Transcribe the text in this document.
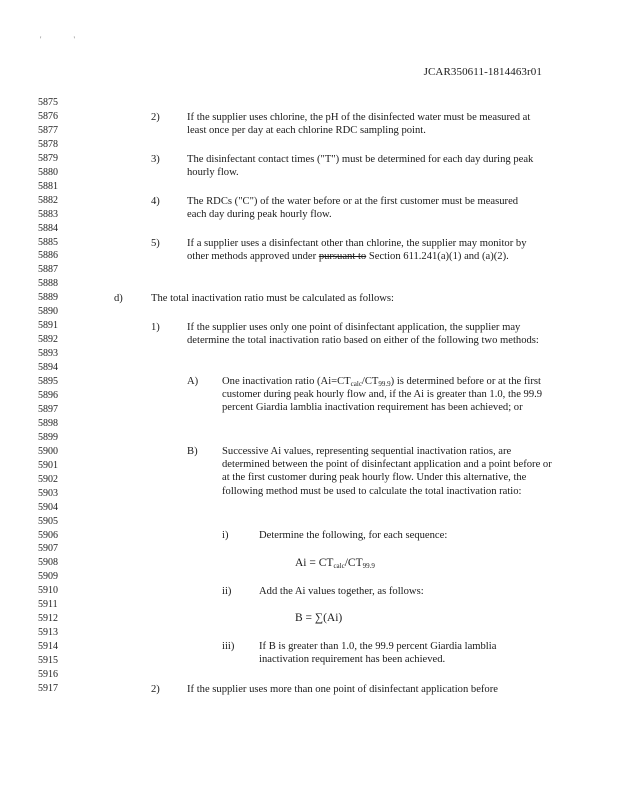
'	'
JCAR350611-1814463r01
5875
5876
5877
5878
5879
5880
5881
5882
5883
5884
5885
5886
5887
5888
5889
5890
5891
5892
5893
5894
5895
5896
5897
5898
5899
5900
5901
5902
5903
5904
5905
5906
5907
5908
5909
5910
5911
5912
5913
5914
5915
5916
5917
2)	If the supplier uses chlorine, the pH of the disinfected water must be measured at least once per day at each chlorine RDC sampling point.
3)	The disinfectant contact times ("T") must be determined for each day during peak hourly flow.
4)	The RDCs ("C") of the water before or at the first customer must be measured each day during peak hourly flow.
5)	If a supplier uses a disinfectant other than chlorine, the supplier may monitor by other methods approved under pursuant to Section 611.241(a)(1) and (a)(2).
d)	The total inactivation ratio must be calculated as follows:
1)	If the supplier uses only one point of disinfectant application, the supplier may determine the total inactivation ratio based on either of the following two methods:
A) One inactivation ratio $(Ai=CT_{calc}/CT_{99.9})$ is determined before or at the first customer during peak hourly flow and, if the Ai is greater than 1.0, the 99.9 percent Giardia lamblia inactivation requirement has been achieved; or
B) Successive Ai values, representing sequential inactivation ratios, are determined between the point of disinfectant application and a point before or at the first customer during peak hourly flow. Under this alternative, the following method must be used to calculate the total inactivation ratio:
i)	Determine the following, for each sequence:
$Ai = CT_{calc}/CT_{99.9}$
ii)	Add the Ai values together, as follows:
B = ∑(Ai)
iii) If B is greater than 1.0, the 99.9 percent Giardia lamblia inactivation requirement has been achieved.
2)	If the supplier uses more than one point of disinfectant application before
